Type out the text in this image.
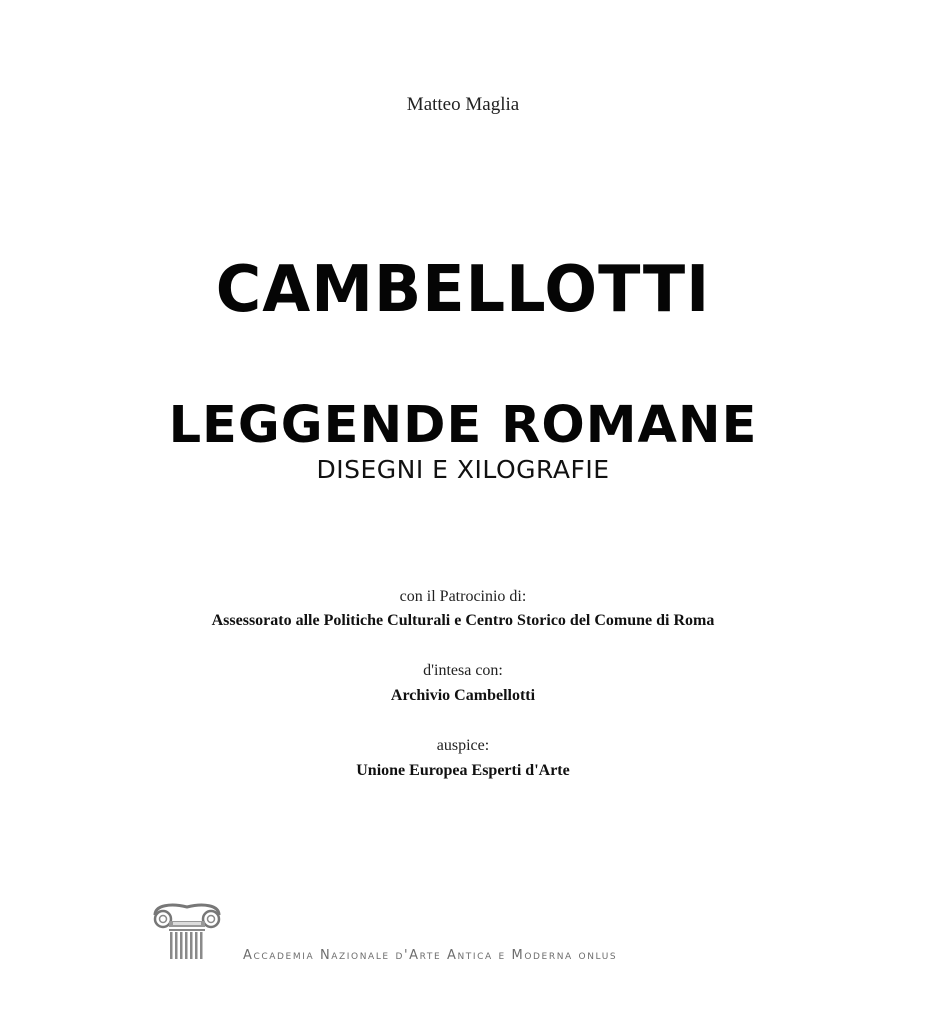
Matteo Maglia
CAMBELLOTTI
LEGGENDE ROMANE
DISEGNI E XILOGRAFIE
con il Patrocinio di:
Assessorato alle Politiche Culturali e Centro Storico del Comune di Roma
d'intesa con:
Archivio Cambellotti
auspice:
Unione Europea Esperti d'Arte
Accademia Nazionale d'Arte Antica e Moderna onlus
